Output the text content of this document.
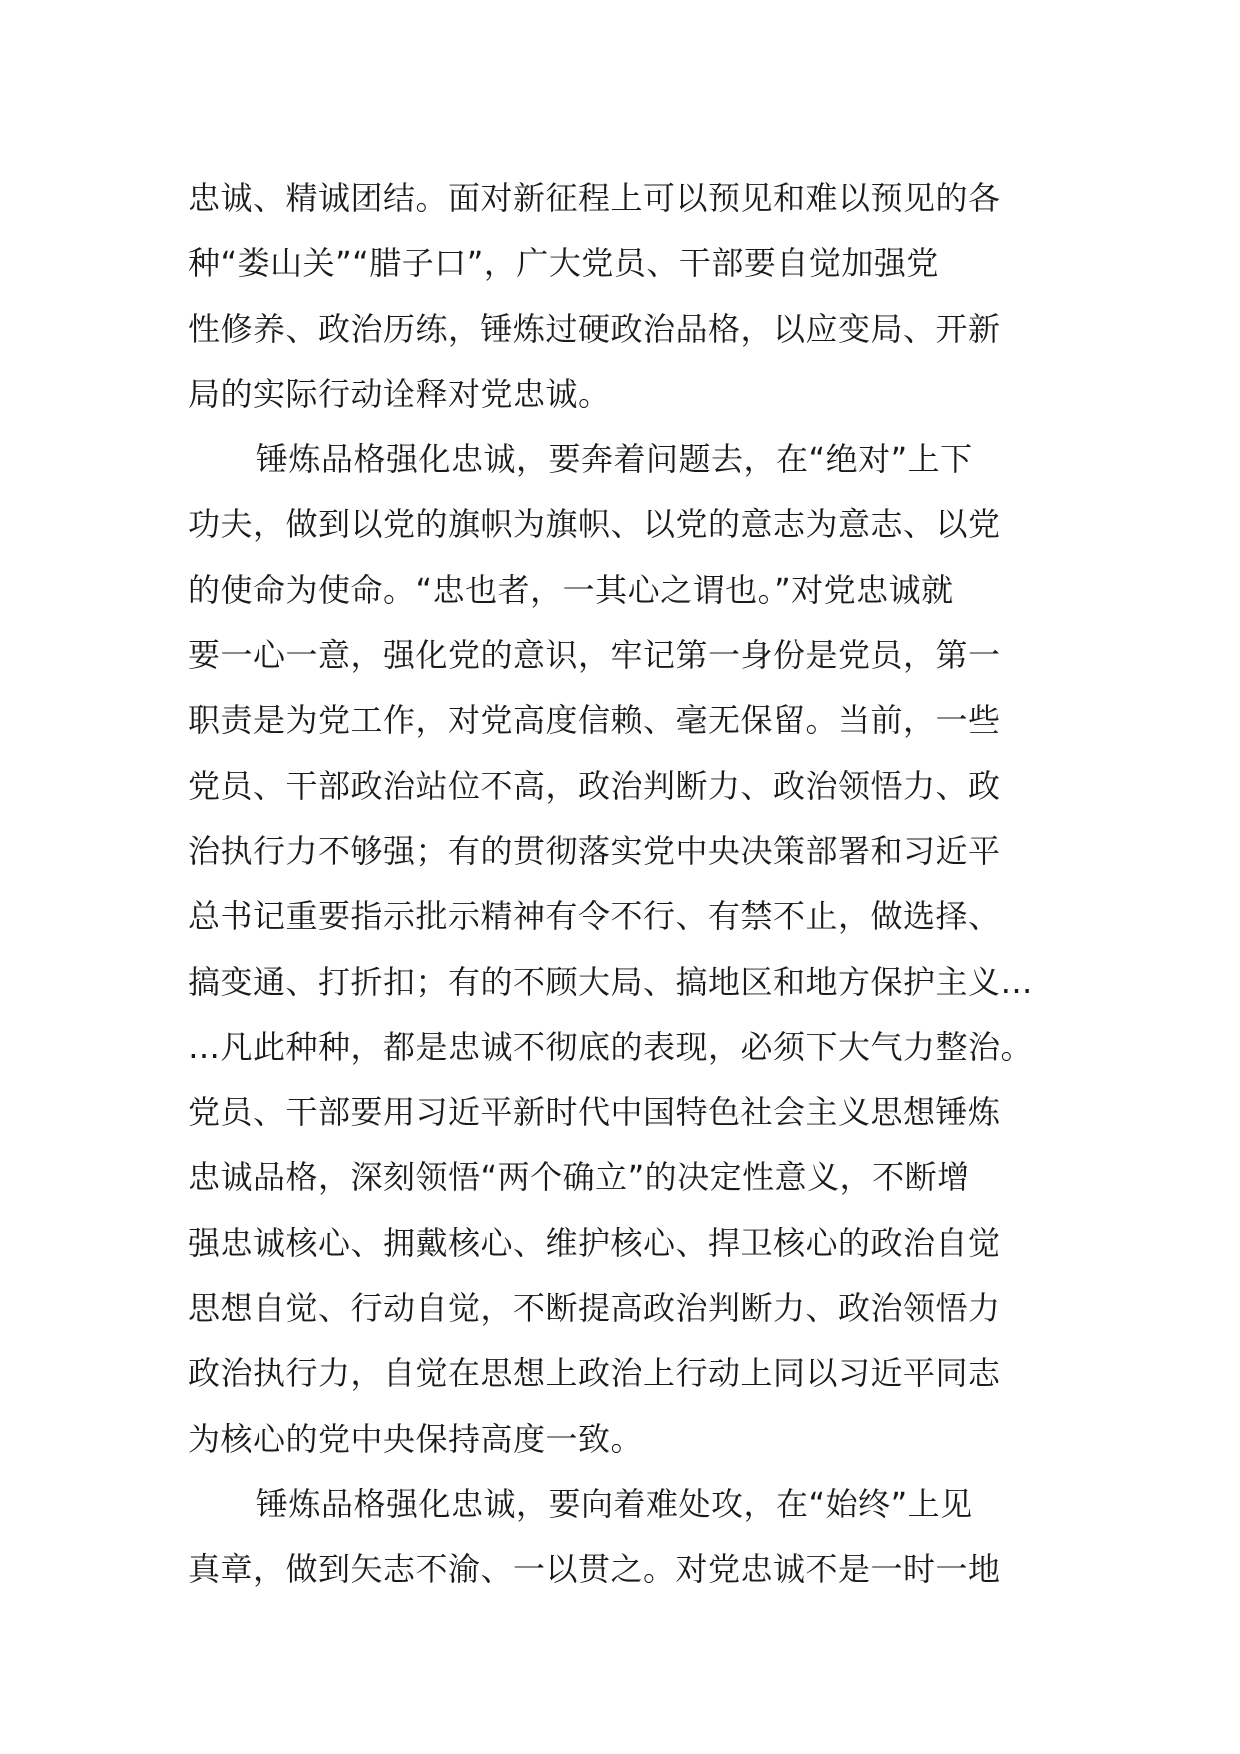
忠诚、精诚团结。面对新征程上可以预见和难以预见的各
种“娄山关”“腊子口”，广大党员、干部要自觉加强党
性修养、政治历练，锤炼过硬政治品格，以应变局、开新
局的实际行动诠释对党忠诚。
锤炼品格强化忠诚，要奔着问题去，在“绝对”上下
功夫，做到以党的旗帜为旗帜、以党的意志为意志、以党
的使命为使命。“忠也者，一其心之谓也。”对党忠诚就
要一心一意，强化党的意识，牢记第一身份是党员，第一
职责是为党工作，对党高度信赖、毫无保留。当前，一些
党员、干部政治站位不高，政治判断力、政治领悟力、政
治执行力不够强；有的贯彻落实党中央决策部署和习近平
总书记重要指示批示精神有令不行、有禁不止，做选择、
搞变通、打折扣；有的不顾大局、搞地区和地方保护主义…
…凡此种种，都是忠诚不彻底的表现，必须下大气力整治。
党员、干部要用习近平新时代中国特色社会主义思想锤炼
忠诚品格，深刻领悟“两个确立”的决定性意义，不断增
强忠诚核心、拥戴核心、维护核心、捍卫核心的政治自觉
思想自觉、行动自觉，不断提高政治判断力、政治领悟力
政治执行力，自觉在思想上政治上行动上同以习近平同志
为核心的党中央保持高度一致。
锤炼品格强化忠诚，要向着难处攻，在“始终”上见
真章，做到矢志不渝、一以贯之。对党忠诚不是一时一地
